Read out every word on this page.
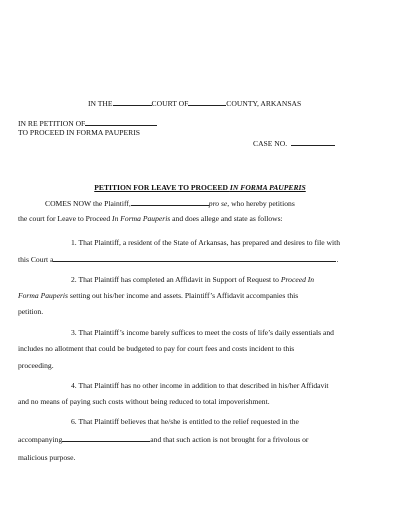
IN THE	COURT OF	COUNTY, ARKANSAS
IN RE PETITION OF
TO PROCEED IN FORMA PAUPERIS
CASE NO.
PETITION FOR LEAVE TO PROCEED IN FORMA PAUPERIS
COMES NOW the Plaintiff,	pro se, who hereby petitions
the court for Leave to Proceed In Forma Pauperis and does allege and state as follows:
1. That Plaintiff, a resident of the State of Arkansas, has prepared and desires to file with
this Court a	.
2. That Plaintiff has completed an Affidavit in Support of Request to Proceed In
Forma Pauperis setting out his/her income and assets. Plaintiff’s Affidavit accompanies this
petition.
3. That Plaintiff’s income barely suffices to meet the costs of life’s daily essentials and
includes no allotment that could be budgeted to pay for court fees and costs incident to this
proceeding.
4. That Plaintiff has no other income in addition to that described in his/her Affidavit
and no means of paying such costs without being reduced to total impoverishment.
6. That Plaintiff believes that he/she is entitled to the relief requested in the
accompanying	and that such action is not brought for a frivolous or
malicious purpose.
